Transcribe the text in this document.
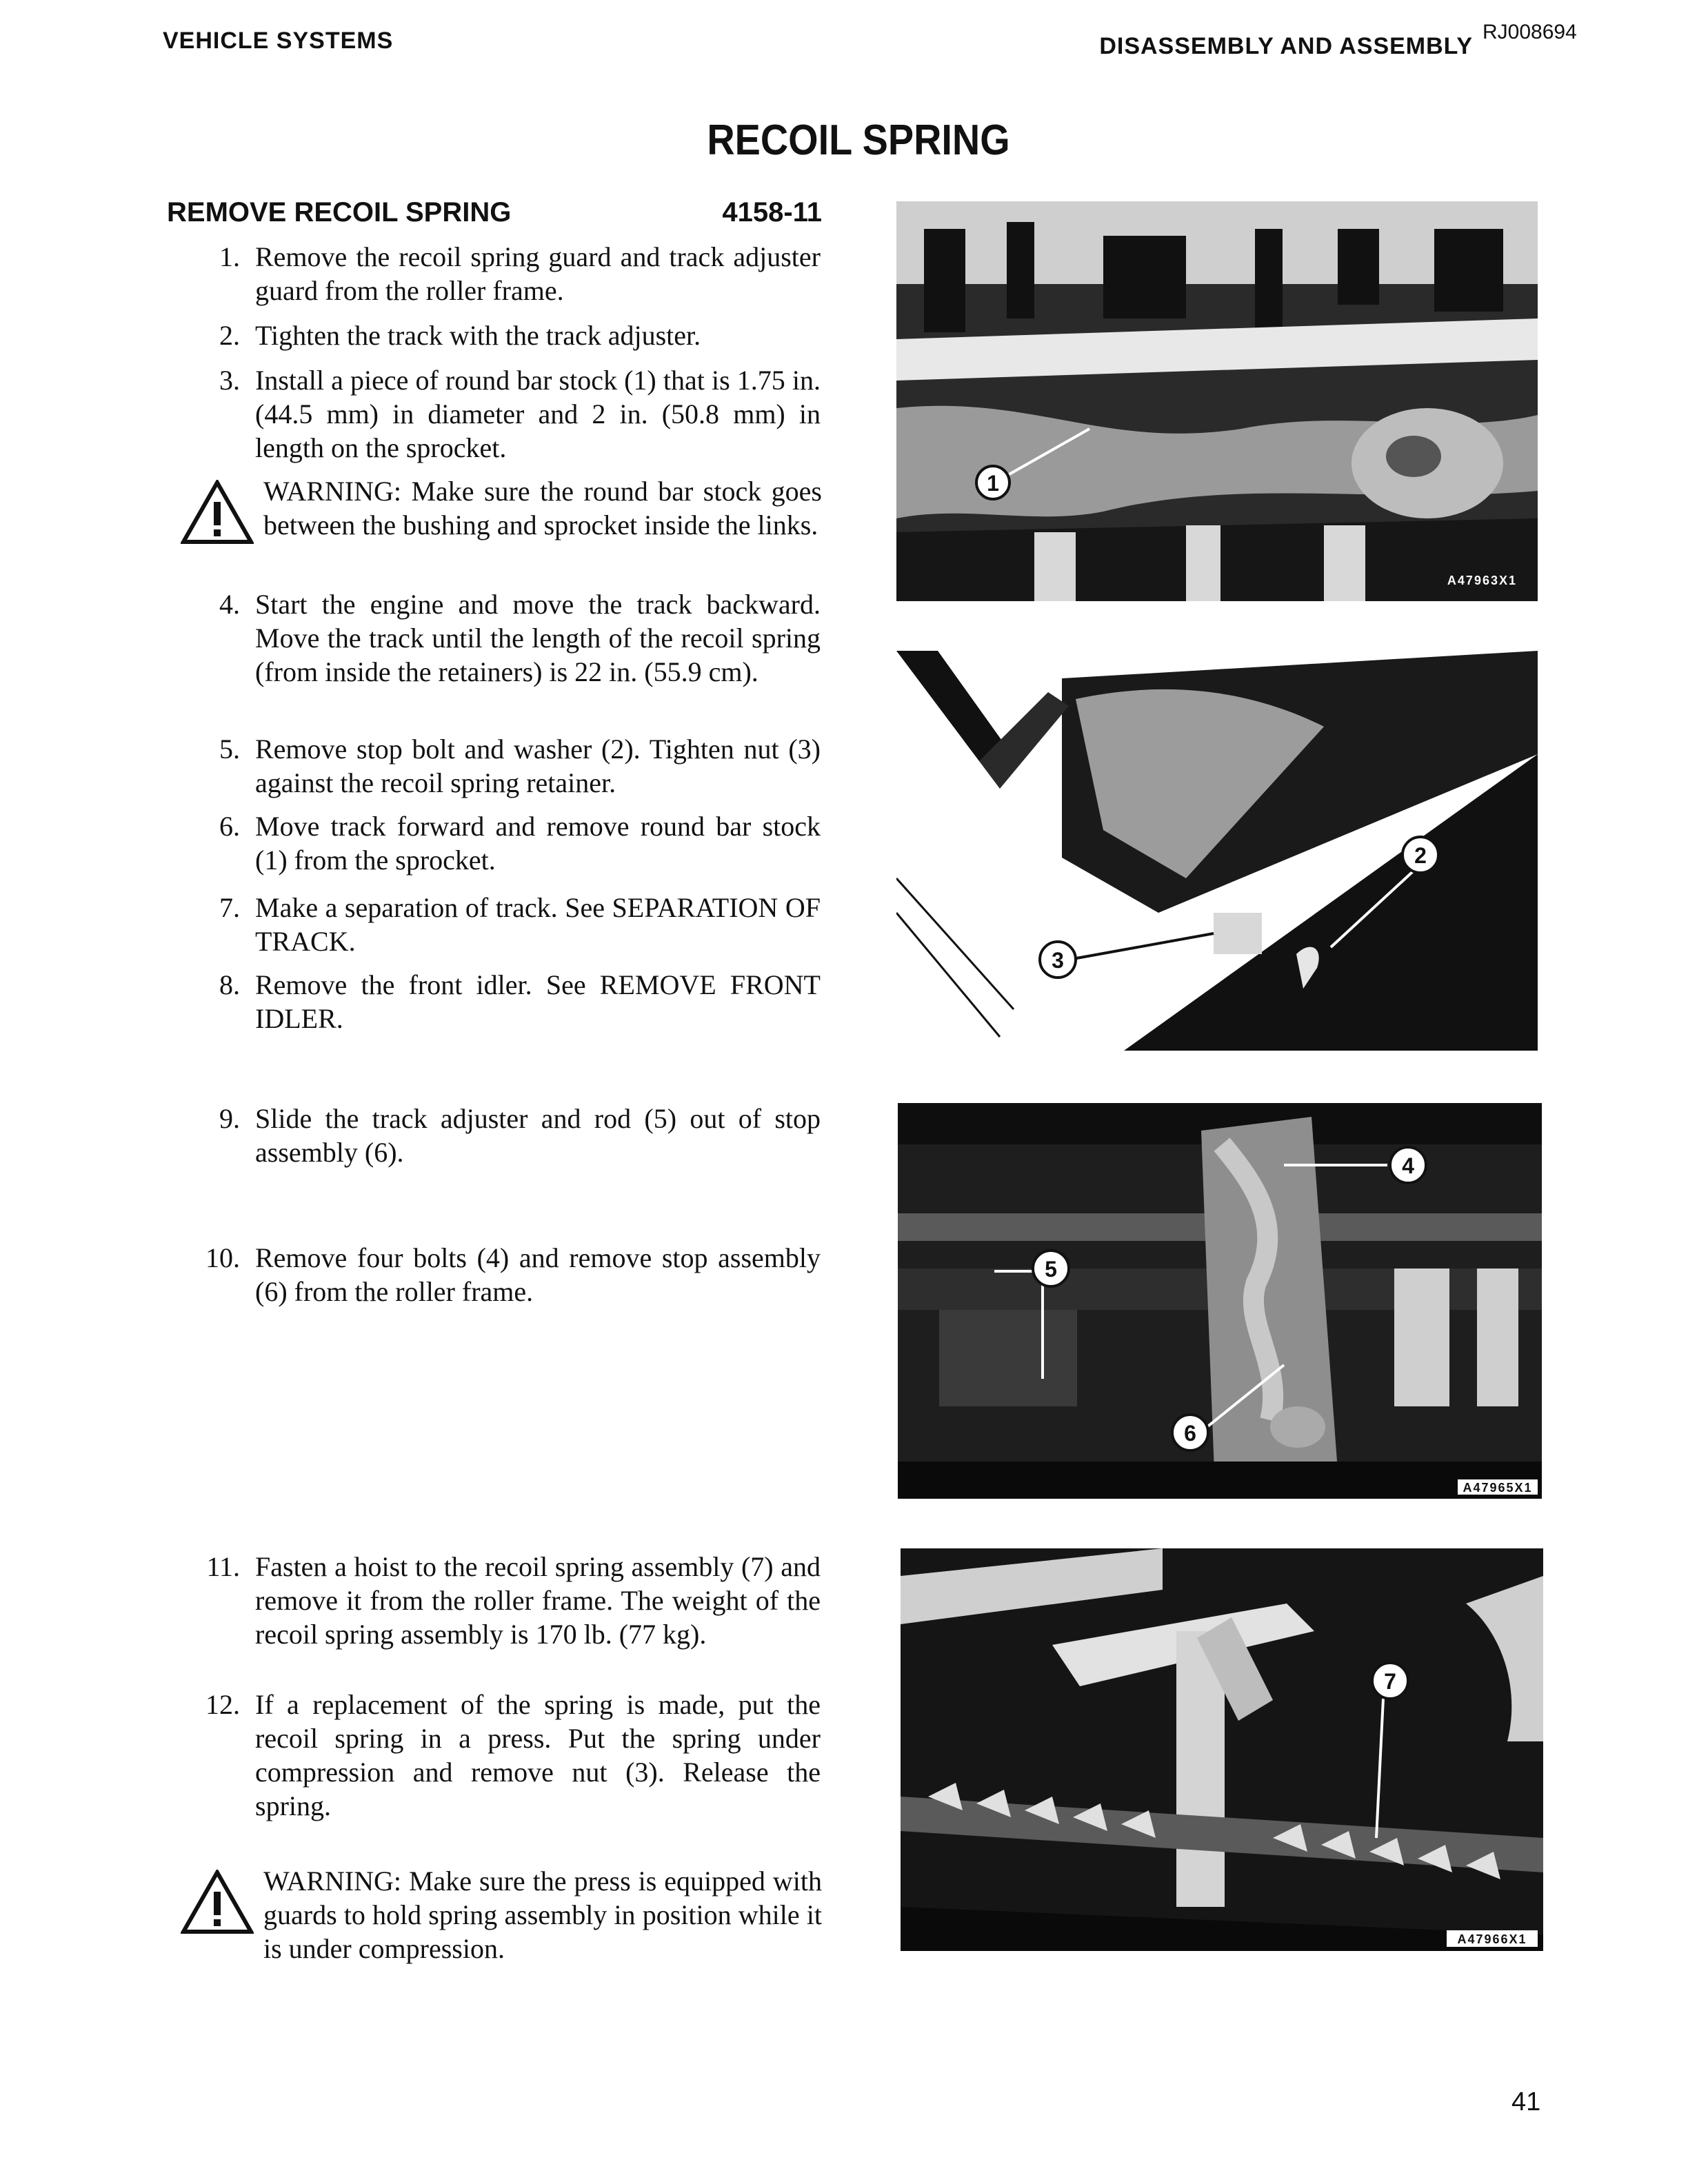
VEHICLE SYSTEMS	DISASSEMBLY AND ASSEMBLY
RJ008694
RECOIL SPRING
REMOVE RECOIL SPRING	4158-11
1. Remove the recoil spring guard and track adjuster guard from the roller frame.
2. Tighten the track with the track adjuster.
3. Install a piece of round bar stock (1) that is 1.75 in. (44.5 mm) in diameter and 2 in. (50.8 mm) in length on the sprocket.
WARNING: Make sure the round bar stock goes between the bushing and sprocket inside the links.
4. Start the engine and move the track backward. Move the track until the length of the recoil spring (from inside the retainers) is 22 in. (55.9 cm).
5. Remove stop bolt and washer (2). Tighten nut (3) against the recoil spring retainer.
6. Move track forward and remove round bar stock (1) from the sprocket.
7. Make a separation of track. See SEPARATION OF TRACK.
8. Remove the front idler. See REMOVE FRONT IDLER.
9. Slide the track adjuster and rod (5) out of stop assembly (6).
10. Remove four bolts (4) and remove stop assembly (6) from the roller frame.
11. Fasten a hoist to the recoil spring assembly (7) and remove it from the roller frame. The weight of the recoil spring assembly is 170 lb. (77 kg).
12. If a replacement of the spring is made, put the recoil spring in a press. Put the spring under compression and remove nut (3). Release the spring.
WARNING: Make sure the press is equipped with guards to hold spring assembly in position while it is under compression.
1
A47963X1
2
3
A47964X1
4
5
6
A47965X1
7
A47966X1
41
